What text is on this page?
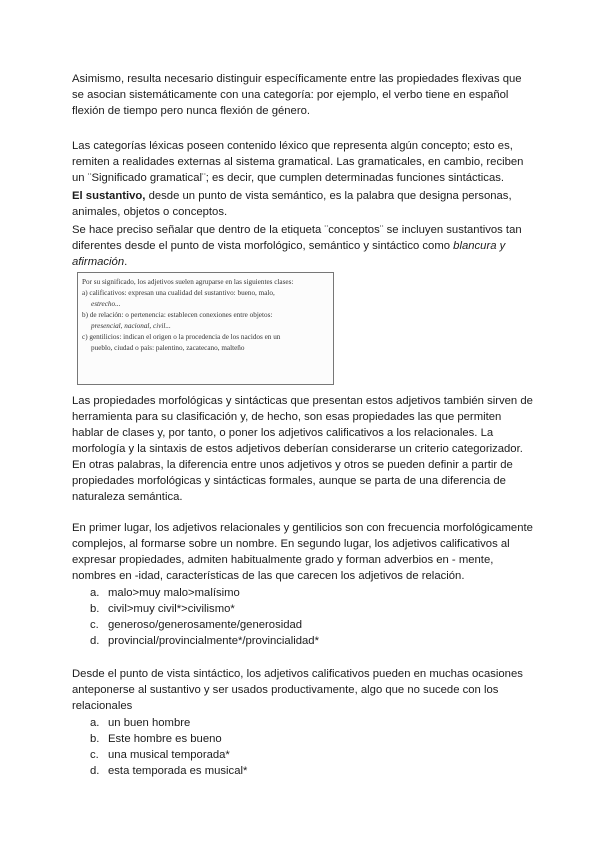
Asimismo, resulta necesario distinguir específicamente entre las propiedades flexivas que
se asocian sistemáticamente con una categoría: por ejemplo, el verbo tiene en español
flexión de tiempo pero nunca flexión de género.

Las categorías léxicas poseen contenido léxico que representa algún concepto; esto es,
remiten a realidades externas al sistema gramatical. Las gramaticales, en cambio, reciben
un ¨Significado gramatical¨; es decir, que cumplen determinadas funciones sintácticas.

El sustantivo, desde un punto de vista semántico, es la palabra que designa personas,
animales, objetos o conceptos.

Se hace preciso señalar que dentro de la etiqueta ¨conceptos¨ se incluyen sustantivos tan
diferentes desde el punto de vista morfológico, semántico y sintáctico como blancura y
afirmación.

Por su significado, los adjetivos suelen agruparse en las siguientes clases:
a) calificativos: expresan una cualidad del sustantivo: bueno, malo,
estrecho...
b) de relación: o pertenencia: establecen conexiones entre objetos:
presencial, nacional, civil...
c) gentilicios: indican el origen o la procedencia de los nacidos en un
pueblo, ciudad o país: palentino, zacatecano, malteño

Las propiedades morfológicas y sintácticas que presentan estos adjetivos también sirven de
herramienta para su clasificación y, de hecho, son esas propiedades las que permiten
hablar de clases y, por tanto, o poner los adjetivos calificativos a los relacionales. La
morfología y la sintaxis de estos adjetivos deberían considerarse un criterio categorizador.
En otras palabras, la diferencia entre unos adjetivos y otros se pueden definir a partir de
propiedades morfológicas y sintácticas formales, aunque se parta de una diferencia de
naturaleza semántica.

En primer lugar, los adjetivos relacionales y gentilicios son con frecuencia morfológicamente
complejos, al formarse sobre un nombre. En segundo lugar, los adjetivos calificativos al
expresar propiedades, admiten habitualmente grado y forman adverbios en - mente,
nombres en -idad, características de las que carecen los adjetivos de relación.

a. malo>muy malo>malísimo
b. civil>muy civil*>civilismo*
c. generoso/generosamente/generosidad
d. provincial/provincialmente*/provincialidad*

Desde el punto de vista sintáctico, los adjetivos calificativos pueden en muchas ocasiones
anteponerse al sustantivo y ser usados productivamente, algo que no sucede con los
relacionales

a. un buen hombre
b. Este hombre es bueno
c. una musical temporada*
d. esta temporada es musical*
